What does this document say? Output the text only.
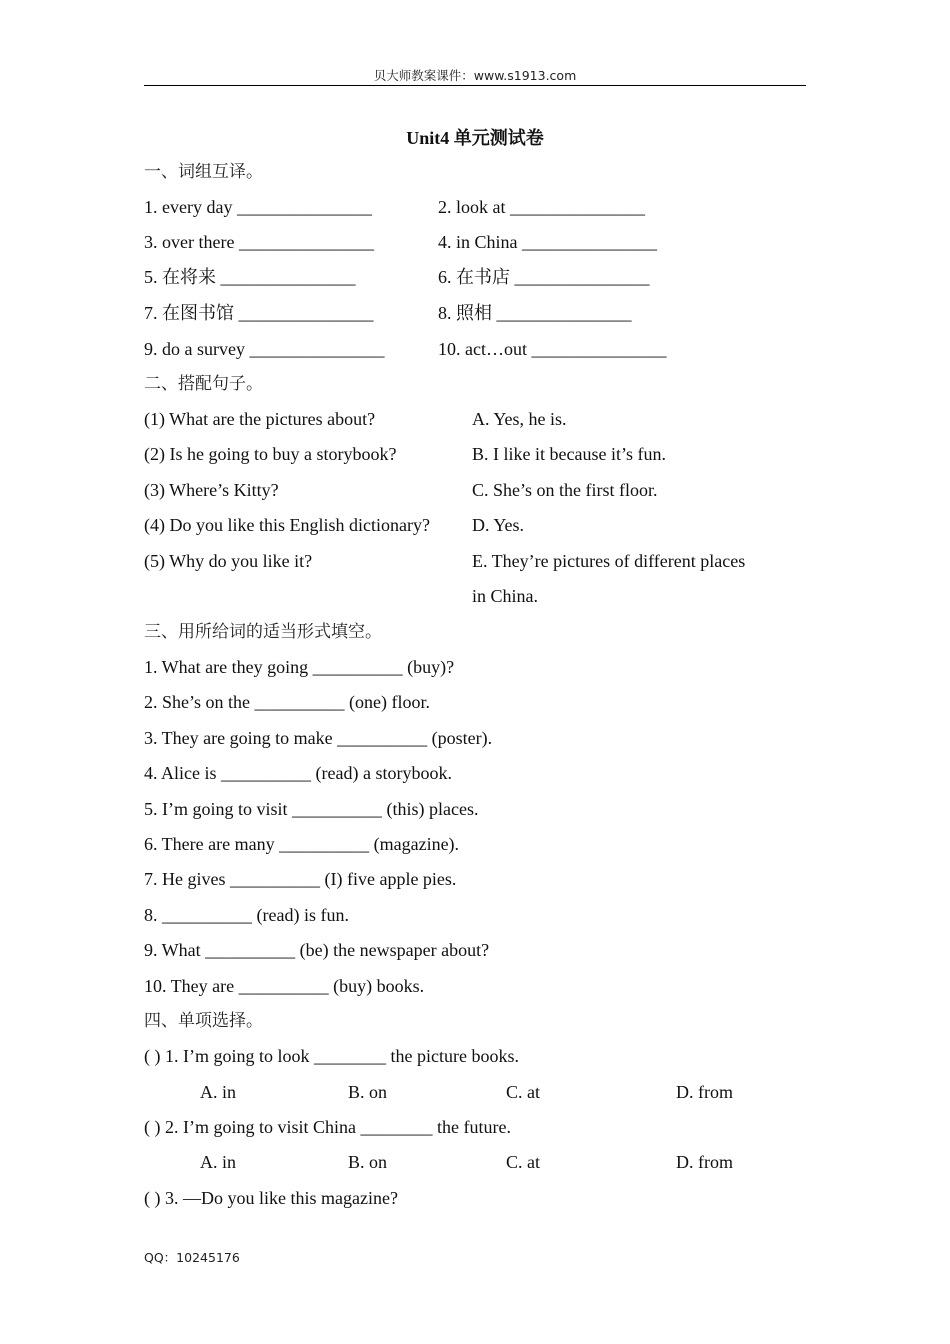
贝大师教案课件：www.s1913.com
Unit4 单元测试卷
一、词组互译。
1. every day _______________	2. look at _______________
3. over there _______________	4. in China _______________
5. 在将来 _______________	6. 在书店 _______________
7. 在图书馆 _______________	8. 照相 _______________
9. do a survey _______________	10. act…out _______________
二、搭配句子。
(1) What are the pictures about?	A. Yes, he is.
(2) Is he going to buy a storybook?	B. I like it because it’s fun.
(3) Where’s Kitty?	C. She’s on the first floor.
(4) Do you like this English dictionary? D. Yes.
(5) Why do you like it?	E. They’re pictures of different places
in China.
三、用所给词的适当形式填空。
1. What are they going __________ (buy)?
2. She’s on the __________ (one) floor.
3. They are going to make __________ (poster).
4. Alice is __________ (read) a storybook.
5. I’m going to visit __________ (this) places.
6. There are many __________ (magazine).
7. He gives __________ (I) five apple pies.
8. __________ (read) is fun.
9. What __________ (be) the newspaper about?
10. They are __________ (buy) books.
四、单项选择。
( ) 1. I’m going to look ________ the picture books.
A. in	B. on	C. at	D. from
( ) 2. I’m going to visit China ________ the future.
A. in	B. on	C. at	D. from
( ) 3. —Do you like this magazine?
QQ：10245176
